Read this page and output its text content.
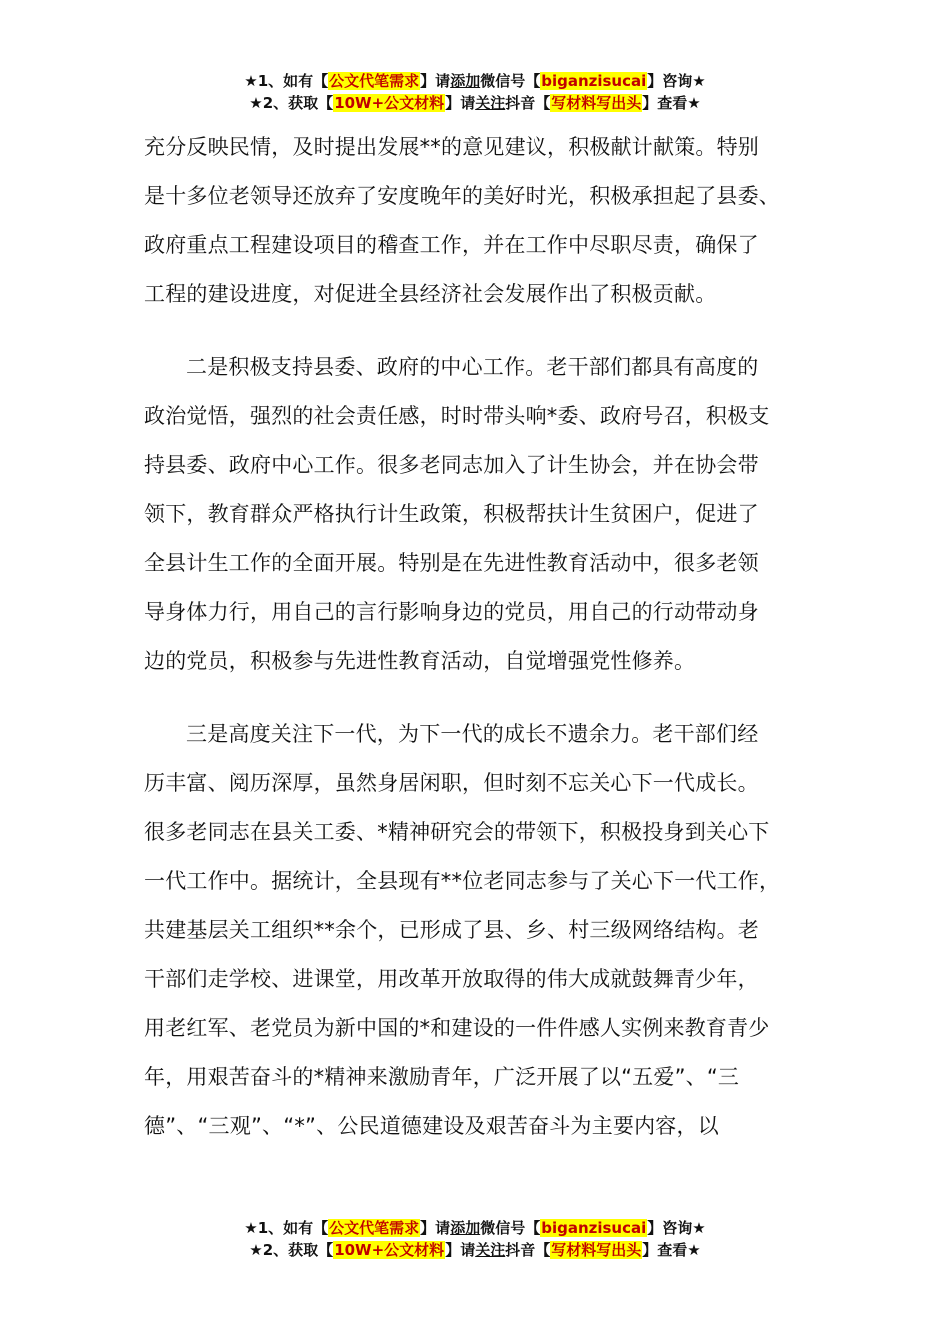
★1、如有【公文代笔需求】请添加微信号【biganzisucai】咨询★
★2、获取【10W+公文材料】请关注抖音【写材料写出头】查看★

充分反映民情，及时提出发展**的意见建议，积极献计献策。特别
是十多位老领导还放弃了安度晚年的美好时光，积极承担起了县委、
政府重点工程建设项目的稽查工作，并在工作中尽职尽责，确保了
工程的建设进度，对促进全县经济社会发展作出了积极贡献。

二是积极支持县委、政府的中心工作。老干部们都具有高度的
政治觉悟，强烈的社会责任感，时时带头响*委、政府号召，积极支
持县委、政府中心工作。很多老同志加入了计生协会，并在协会带
领下，教育群众严格执行计生政策，积极帮扶计生贫困户，促进了
全县计生工作的全面开展。特别是在先进性教育活动中，很多老领
导身体力行，用自己的言行影响身边的党员，用自己的行动带动身
边的党员，积极参与先进性教育活动，自觉增强党性修养。

三是高度关注下一代，为下一代的成长不遗余力。老干部们经
历丰富、阅历深厚，虽然身居闲职，但时刻不忘关心下一代成长。
很多老同志在县关工委、*精神研究会的带领下，积极投身到关心下
一代工作中。据统计，全县现有**位老同志参与了关心下一代工作，
共建基层关工组织**余个，已形成了县、乡、村三级网络结构。老
干部们走学校、进课堂，用改革开放取得的伟大成就鼓舞青少年，
用老红军、老党员为新中国的*和建设的一件件感人实例来教育青少
年，用艰苦奋斗的*精神来激励青年，广泛开展了以“五爱”、“三
德”、“三观”、“*”、公民道德建设及艰苦奋斗为主要内容，以

★1、如有【公文代笔需求】请添加微信号【biganzisucai】咨询★
★2、获取【10W+公文材料】请关注抖音【写材料写出头】查看★
